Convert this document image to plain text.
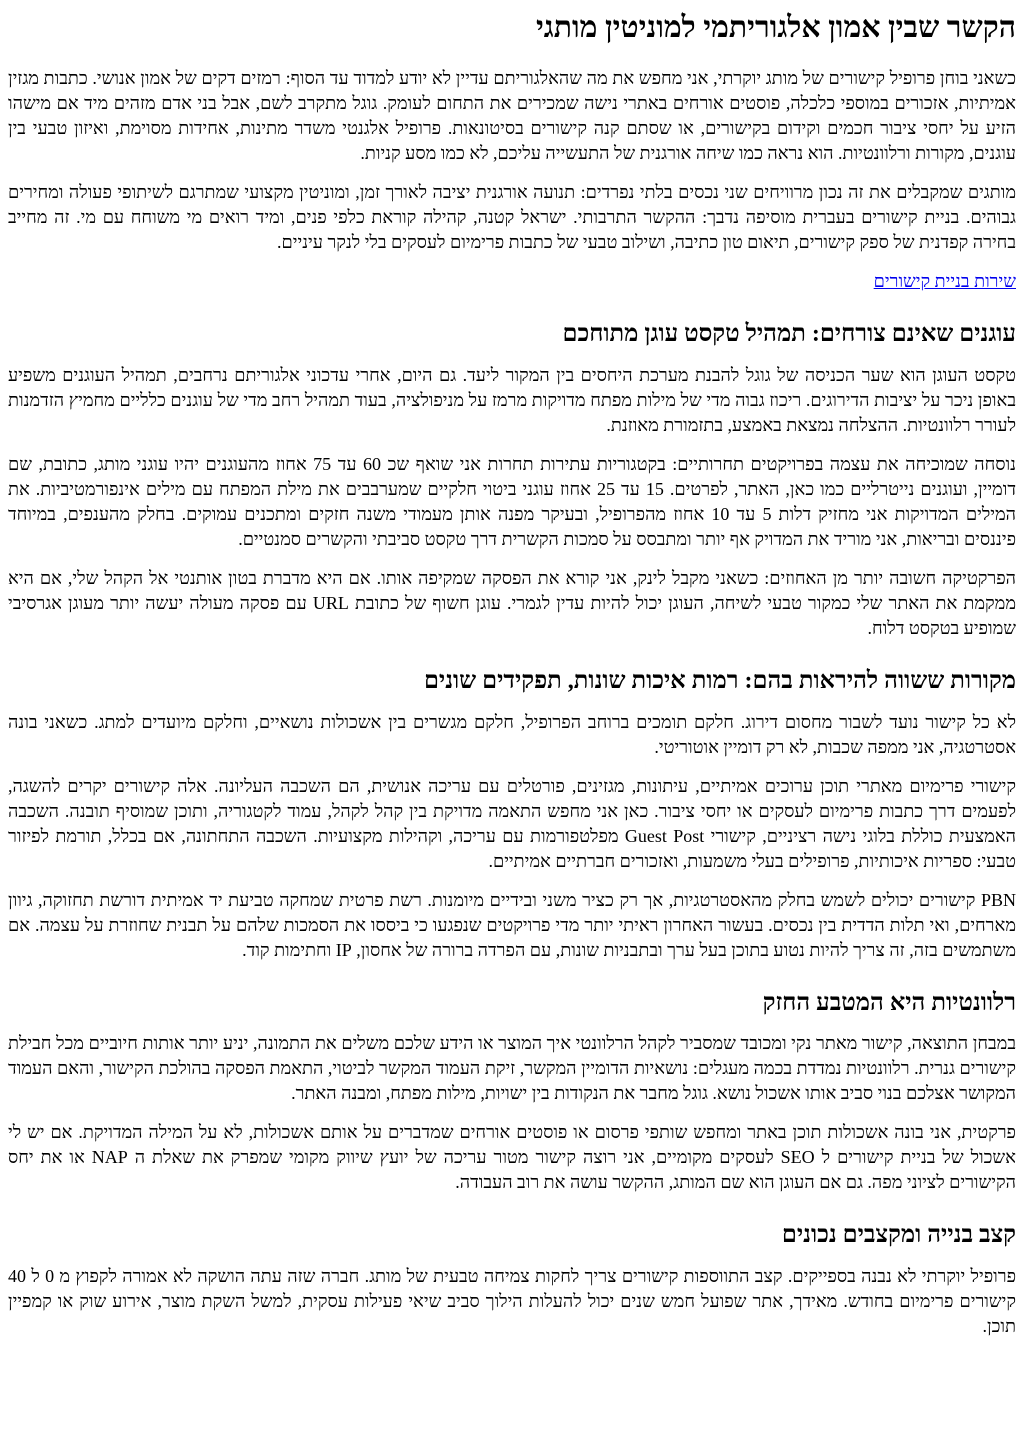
הקשר שבין אמון אלגוריתמי למוניטין מותגי

כשאני בוחן פרופיל קישורים של מותג יוקרתי, אני מחפש את מה שהאלגוריתם עדיין לא יודע למדוד עד הסוף: רמזים דקים של אמון אנושי. כתבות מגזין אמיתיות, אזכורים במוספי כלכלה, פוסטים אורחים באתרי נישה שמכירים את התחום לעומק. גוגל מתקרב לשם, אבל בני אדם מזהים מיד אם מישהו הזיע על יחסי ציבור חכמים וקידום בקישורים, או שסתם קנה קישורים בסיטונאות. פרופיל אלגנטי משדר מתינות, אחידות מסוימת, ואיזון טבעי בין עוגנים, מקורות ורלוונטיות. הוא נראה כמו שיחה אורגנית של התעשייה עליכם, לא כמו מסע קניות.

מותגים שמקבלים את זה נכון מרוויחים שני נכסים בלתי נפרדים: תנועה אורגנית יציבה לאורך זמן, ומוניטין מקצועי שמתרגם לשיתופי פעולה ומחירים גבוהים. בניית קישורים בעברית מוסיפה נדבך: ההקשר התרבותי. ישראל קטנה, קהילה קוראת כלפי פנים, ומיד רואים מי משוחח עם מי. זה מחייב בחירה קפדנית של ספק קישורים, תיאום טון כתיבה, ושילוב טבעי של כתבות פרימיום לעסקים בלי לנקר עיניים.

שירות בניית קישורים

עוגנים שאינם צורחים: תמהיל טקסט עוגן מתוחכם

טקסט העוגן הוא שער הכניסה של גוגל להבנת מערכת היחסים בין המקור ליעד. גם היום, אחרי עדכוני אלגוריתם נרחבים, תמהיל העוגנים משפיע באופן ניכר על יציבות הדירוגים. ריכוז גבוה מדי של מילות מפתח מדויקות מרמז על מניפולציה, בעוד תמהיל רחב מדי של עוגנים כלליים מחמיץ הזדמנות לעורר רלוונטיות. ההצלחה נמצאת באמצע, בתזמורת מאוזנת.

נוסחה שמוכיחה את עצמה בפרויקטים תחרותיים: בקטגוריות עתירות תחרות אני שואף שכ 60 עד 75 אחוז מהעוגנים יהיו עוגני מותג, כתובת, שם דומיין, ועוגנים נייטרליים כמו כאן, האתר, לפרטים. 15 עד 25 אחוז עוגני ביטוי חלקיים שמערבבים את מילת המפתח עם מילים אינפורמטיביות. את המילים המדויקות אני מחזיק דלות 5 עד 10 אחוז מהפרופיל, ובעיקר מפנה אותן מעמודי משנה חזקים ומתכנים עמוקים. בחלק מהענפים, במיוחד פיננסים ובריאות, אני מוריד את המדויק אף יותר ומתבסס על סמכות הקשרית דרך טקסט סביבתי והקשרים סמנטיים.

הפרקטיקה חשובה יותר מן האחוזים: כשאני מקבל לינק, אני קורא את הפסקה שמקיפה אותו. אם היא מדברת בטון אותנטי אל הקהל שלי, אם היא ממקמת את האתר שלי כמקור טבעי לשיחה, העוגן יכול להיות עדין לגמרי. עוגן חשוף של כתובת URL עם פסקה מעולה יעשה יותר מעוגן אגרסיבי שמופיע בטקסט דלוח.

מקורות ששווה להיראות בהם: רמות איכות שונות, תפקידים שונים

לא כל קישור נועד לשבור מחסום דירוג. חלקם תומכים ברוחב הפרופיל, חלקם מגשרים בין אשכולות נושאיים, וחלקם מיועדים למתג. כשאני בונה אסטרטגיה, אני ממפה שכבות, לא רק דומיין אוטוריטי.

קישורי פרימיום מאתרי תוכן ערוכים אמיתיים, עיתונות, מגזינים, פורטלים עם עריכה אנושית, הם השכבה העליונה. אלה קישורים יקרים להשגה, לפעמים דרך כתבות פרימיום לעסקים או יחסי ציבור. כאן אני מחפש התאמה מדויקת בין קהל לקהל, עמוד לקטגוריה, ותוכן שמוסיף תובנה. השכבה האמצעית כוללת בלוגי נישה רציניים, קישורי Guest Post מפלטפורמות עם עריכה, וקהילות מקצועיות. השכבה התחתונה, אם בכלל, תורמת לפיזור טבעי: ספריות איכותיות, פרופילים בעלי משמעות, ואזכורים חברתיים אמיתיים.

PBN קישורים יכולים לשמש בחלק מהאסטרטגיות, אך רק כציר משני ובידיים מיומנות. רשת פרטית שמחקה טביעת יד אמיתית דורשת תחזוקה, גיוון מארחים, ואי תלות הדדית בין נכסים. בעשור האחרון ראיתי יותר מדי פרויקטים שנפגעו כי ביססו את הסמכות שלהם על תבנית שחוזרת על עצמה. אם משתמשים בזה, זה צריך להיות נטוע בתוכן בעל ערך ובתבניות שונות, עם הפרדה ברורה של אחסון, IP וחתימות קוד.

רלוונטיות היא המטבע החזק

במבחן התוצאה, קישור מאתר נקי ומכובד שמסביר לקהל הרלוונטי איך המוצר או הידע שלכם משלים את התמונה, יניע יותר אותות חיוביים מכל חבילת קישורים גנרית. רלוונטיות נמדדת בכמה מעגלים: נושאיות הדומיין המקשר, זיקת העמוד המקשר לביטוי, התאמת הפסקה בהולכת הקישור, והאם העמוד המקושר אצלכם בנוי סביב אותו אשכול נושא. גוגל מחבר את הנקודות בין ישויות, מילות מפתח, ומבנה האתר.

פרקטית, אני בונה אשכולות תוכן באתר ומחפש שותפי פרסום או פוסטים אורחים שמדברים על אותם אשכולות, לא על המילה המדויקת. אם יש לי אשכול של בניית קישורים ל SEO לעסקים מקומיים, אני רוצה קישור מטור עריכה של יועץ שיווק מקומי שמפרק את שאלת ה NAP או את יחס הקישורים לציוני מפה. גם אם העוגן הוא שם המותג, ההקשר עושה את רוב העבודה.

קצב בנייה ומקצבים נכונים

פרופיל יוקרתי לא נבנה בספייקים. קצב התווספות קישורים צריך לחקות צמיחה טבעית של מותג. חברה שזה עתה הושקה לא אמורה לקפוץ מ 0 ל 40 קישורים פרימיום בחודש. מאידך, אתר שפועל חמש שנים יכול להעלות הילוך סביב שיאי פעילות עסקית, למשל השקת מוצר, אירוע שוק או קמפיין תוכן.
